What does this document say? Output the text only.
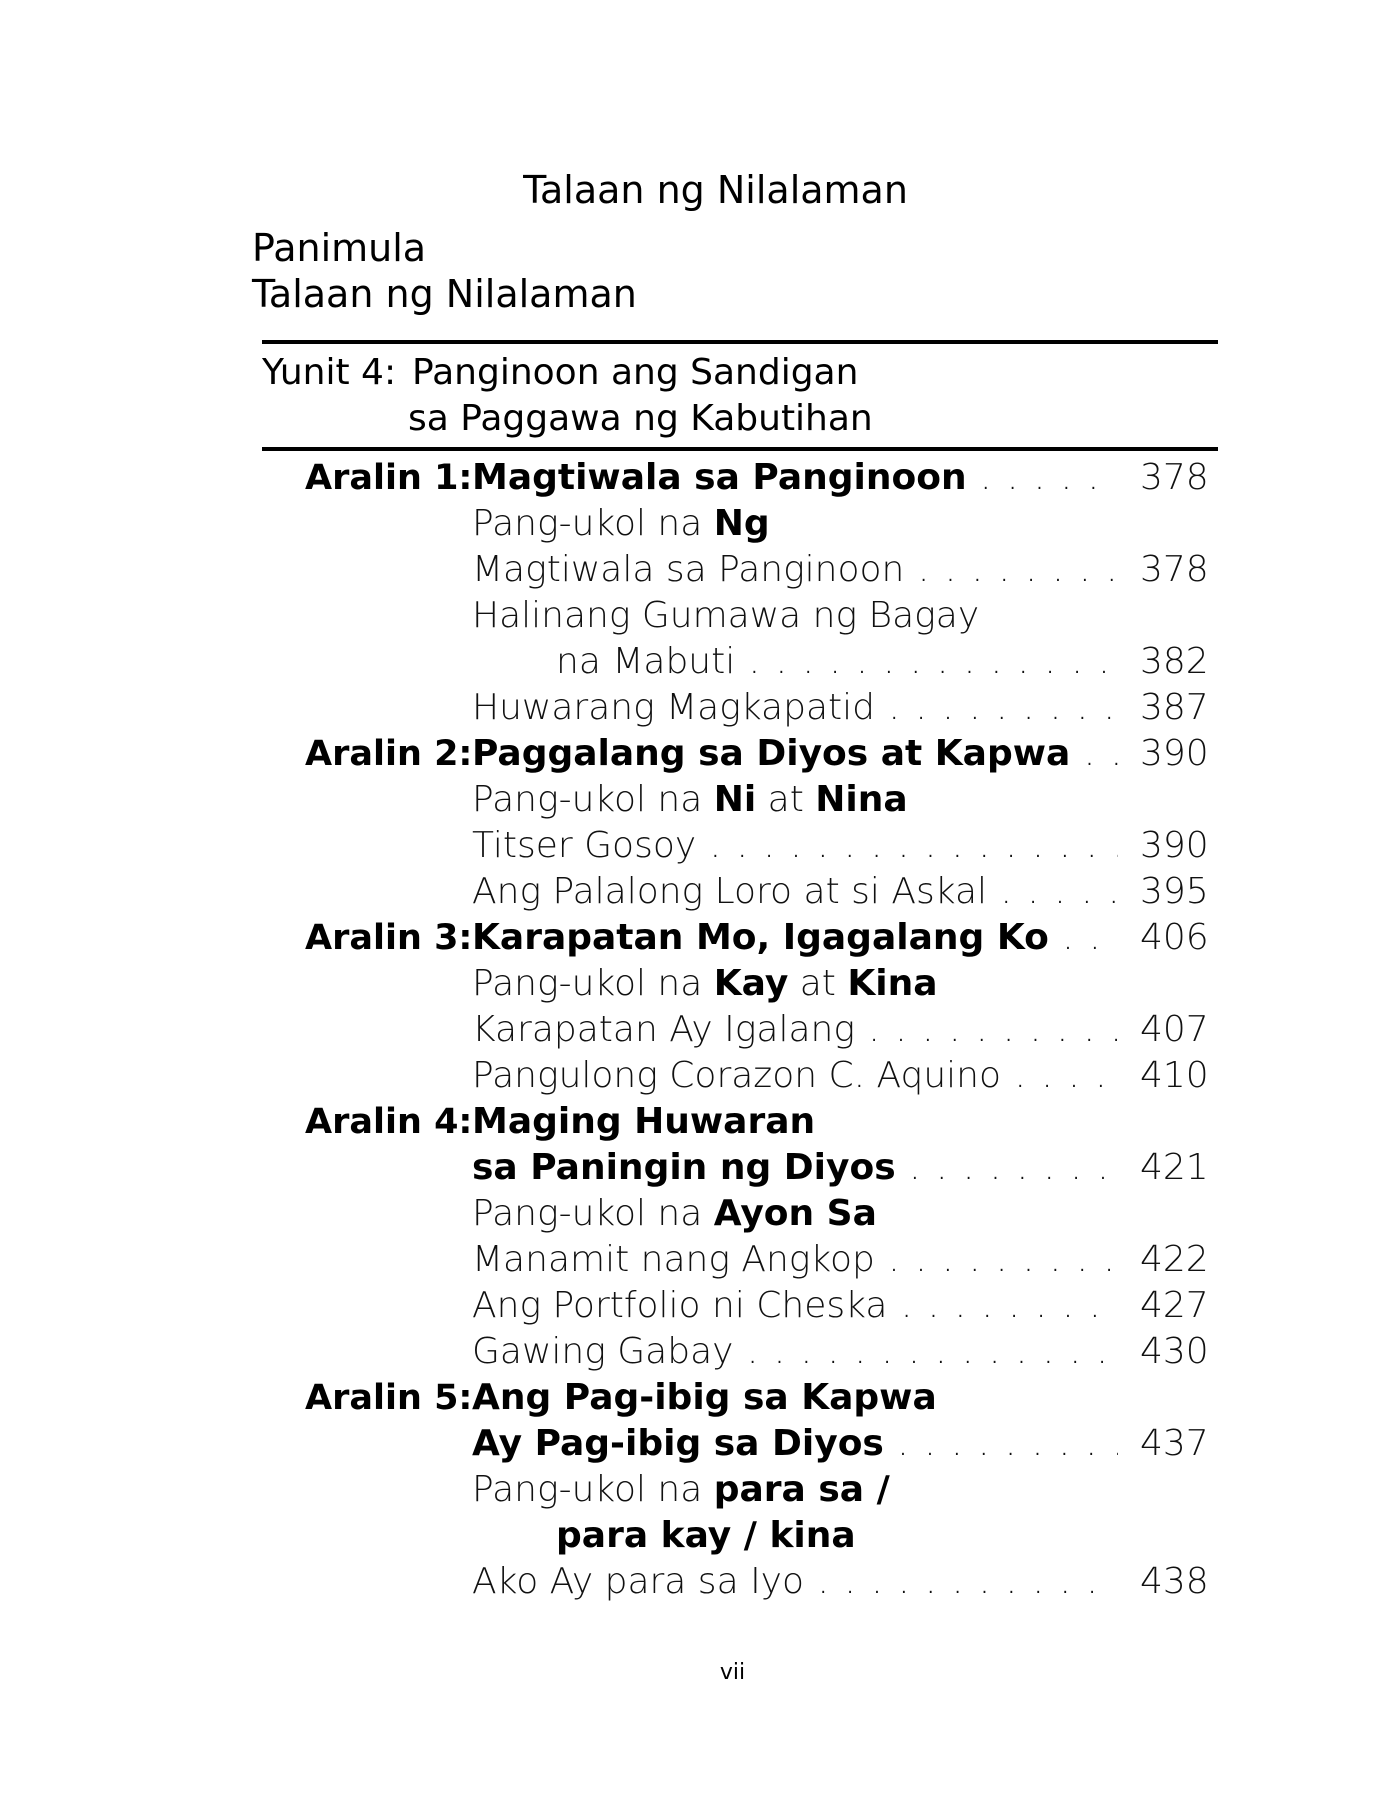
Talaan ng Nilalaman
Panimula
Talaan ng Nilalaman
Yunit 4: Panginoon ang Sandigan
sa Paggawa ng Kabutihan
Aralin 1: Magtiwala sa Panginoon . . .	378
Pang-ukol na Ng
Magtiwala sa Panginoon . . .	378
Halinang Gumawa ng Bagay
na Mabuti . . .	382
Huwarang Magkapatid . . .	387
Aralin 2: Paggalang sa Diyos at Kapwa . . .	390
Pang-ukol na Ni at Nina
Titser Gosoy . . .	390
Ang Palalong Loro at si Askal . . .	395
Aralin 3: Karapatan Mo, Igagalang Ko . . .	406
Pang-ukol na Kay at Kina
Karapatan Ay Igalang . . .	407
Pangulong Corazon C. Aquino . . .	410
Aralin 4: Maging Huwaran
sa Paningin ng Diyos . . .	421
Pang-ukol na Ayon Sa
Manamit nang Angkop . . .	422
Ang Portfolio ni Cheska . . .	427
Gawing Gabay . . .	430
Aralin 5: Ang Pag-ibig sa Kapwa
Ay Pag-ibig sa Diyos . . .	437
Pang-ukol na para sa /
para kay / kina
Ako Ay para sa Iyo . . .	438
vii
